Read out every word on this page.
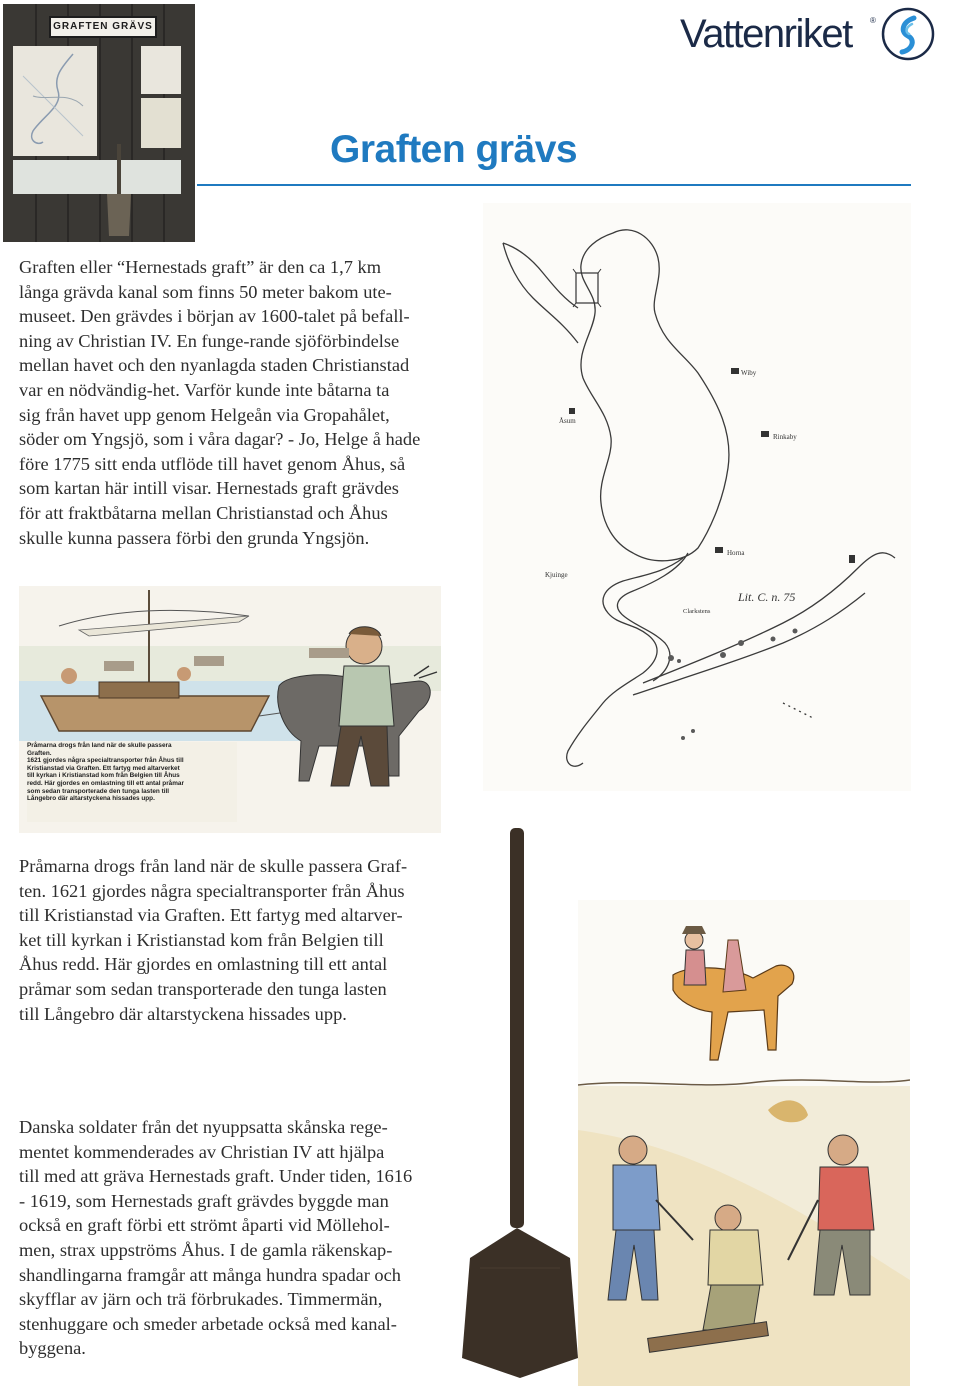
GRAFTEN GRÄVS	Vattenriket ®
Graften grävs

Graften eller “Hernestads graft” är den ca 1,7 km

långa grävda kanal som finns 50 meter bakom ute-

museet. Den grävdes i början av 1600-talet på befall-

ning av Christian IV. En funge-rande sjöförbindelse

mellan havet och den nyanlagda staden Christianstad

var en nödvändig-het. Varför kunde inte båtarna ta

sig från havet upp genom Helgeån via Gropahålet,

söder om Yngsjö, som i våra dagar? - Jo, Helge å hade

före 1775 sitt enda utflöde till havet genom Åhus, så

som kartan här intill visar. Hernestads graft grävdes

för att fraktbåtarna mellan Christianstad och Åhus

skulle kunna passera förbi den grunda Yngsjön.

Wiby
Åsum
Rinkaby
Horna
Kjuinge
Clarkstens
Lit. C. n. 75
Pråmarna drogs från land när de skulle passera
Graften.
1621 gjordes några specialtransporter från Åhus till
Kristianstad via Graften. Ett fartyg med altarverket
till kyrkan i Kristianstad kom från Belgien till Åhus
redd. Här gjordes en omlastning till ett antal pråmar
som sedan transporterade den tunga lasten till
Långebro där altarstyckena hissades upp.

Pråmarna drogs från land när de skulle passera Graf-

ten. 1621 gjordes några specialtransporter från Åhus

till Kristianstad via Graften. Ett fartyg med altarver-

ket till kyrkan i Kristianstad kom från Belgien till

Åhus redd. Här gjordes en omlastning till ett antal

pråmar som sedan transporterade den tunga lasten

till Långebro där altarstyckena hissades upp.

Danska soldater från det nyuppsatta skånska rege-

mentet kommenderades av Christian IV att hjälpa

till med att gräva Hernestads graft. Under tiden, 1616

- 1619, som Hernestads graft grävdes byggde man

också en graft förbi ett strömt åparti vid Möllehol-

men, strax uppströms Åhus. I de gamla räkenskap-

shandlingarna framgår att många hundra spadar och

skyfflar av järn och trä förbrukades. Timmermän,

stenhuggare och smeder arbetade också med kanal-

byggena.
